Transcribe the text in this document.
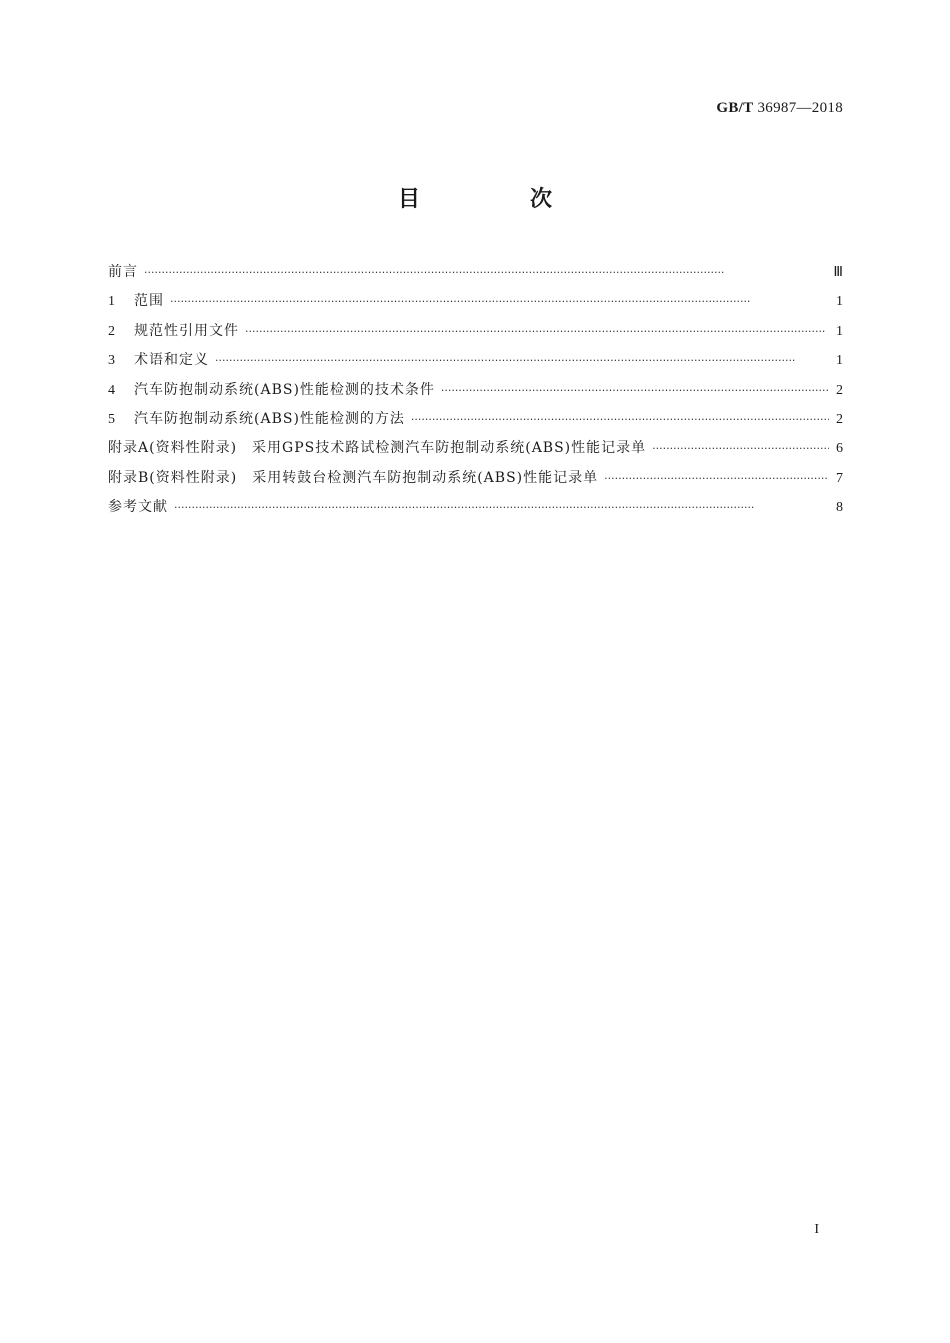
GB/T 36987—2018
目　次
前言 ·····	Ⅲ
1	范围 ·····	1
2	规范性引用文件 ·····	1
3	术语和定义 ·····	1
4	汽车防抱制动系统(ABS)性能检测的技术条件 ·····	2
5	汽车防抱制动系统(ABS)性能检测的方法 ·····	2
附录A(资料性附录)　采用GPS技术路试检测汽车防抱制动系统(ABS)性能记录单 ·····	6
附录B(资料性附录)　采用转鼓台检测汽车防抱制动系统(ABS)性能记录单 ·····	7
参考文献 ·····	8
I
